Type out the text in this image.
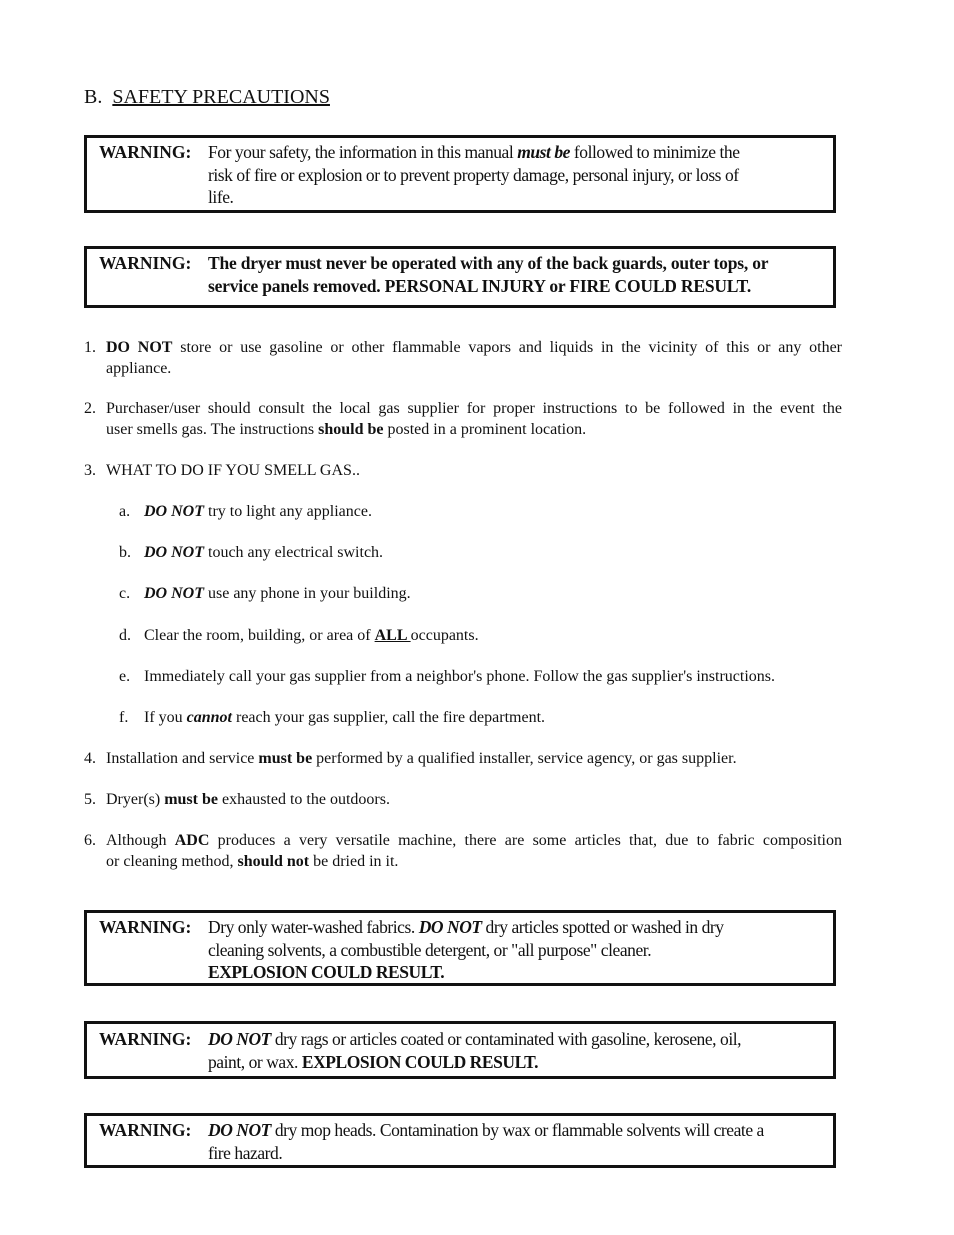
B. SAFETY PRECAUTIONS
WARNING: For your safety, the information in this manual must be followed to minimize the
risk of fire or explosion or to prevent property damage, personal injury, or loss of
life.
WARNING: The dryer must never be operated with any of the back guards, outer tops, or
service panels removed. PERSONAL INJURY or FIRE COULD RESULT.
1. DO NOT store or use gasoline or other flammable vapors and liquids in the vicinity of this or any other
appliance.
2. Purchaser/user should consult the local gas supplier for proper instructions to be followed in the event the
user smells gas. The instructions should be posted in a prominent location.
3. WHAT TO DO IF YOU SMELL GAS..
a. DO NOT try to light any appliance.
b. DO NOT touch any electrical switch.
c. DO NOT use any phone in your building.
d. Clear the room, building, or area of ALL occupants.
e. Immediately call your gas supplier from a neighbor's phone. Follow the gas supplier's instructions.
f. If you cannot reach your gas supplier, call the fire department.
4. Installation and service must be performed by a qualified installer, service agency, or gas supplier.
5. Dryer(s) must be exhausted to the outdoors.
6. Although ADC produces a very versatile machine, there are some articles that, due to fabric composition
or cleaning method, should not be dried in it.
WARNING: Dry only water-washed fabrics. DO NOT dry articles spotted or washed in dry
cleaning solvents, a combustible detergent, or "all purpose" cleaner.
EXPLOSION COULD RESULT.
WARNING: DO NOT dry rags or articles coated or contaminated with gasoline, kerosene, oil,
paint, or wax. EXPLOSION COULD RESULT.
WARNING: DO NOT dry mop heads. Contamination by wax or flammable solvents will create a
fire hazard.
